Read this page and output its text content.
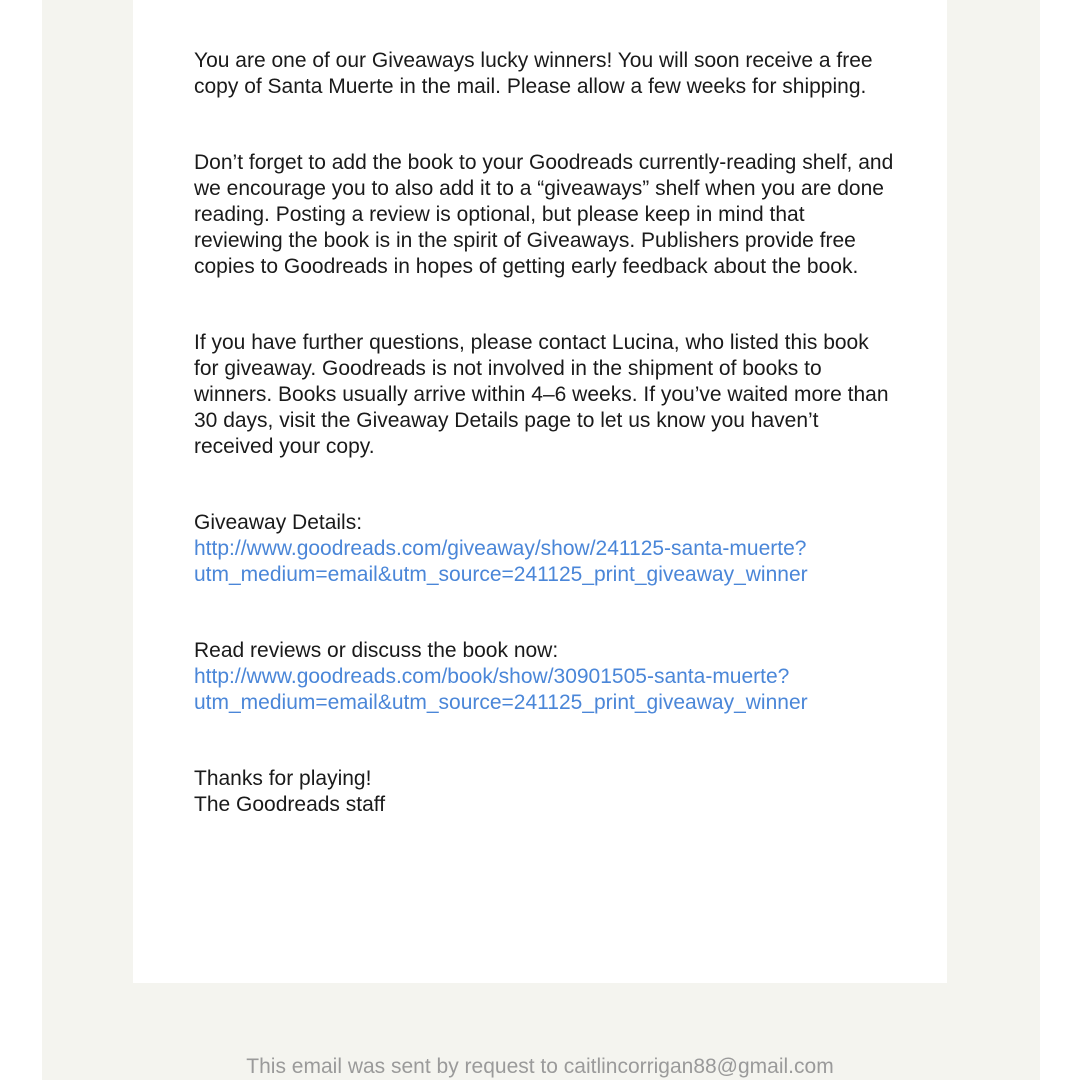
You are one of our Giveaways lucky winners! You will soon receive a free copy of Santa Muerte in the mail. Please allow a few weeks for shipping.

Don’t forget to add the book to your Goodreads currently-reading shelf, and we encourage you to also add it to a “giveaways” shelf when you are done reading. Posting a review is optional, but please keep in mind that reviewing the book is in the spirit of Giveaways. Publishers provide free copies to Goodreads in hopes of getting early feedback about the book.

If you have further questions, please contact Lucina, who listed this book for giveaway. Goodreads is not involved in the shipment of books to winners. Books usually arrive within 4–6 weeks. If you’ve waited more than 30 days, visit the Giveaway Details page to let us know you haven’t received your copy.

Giveaway Details:
http://www.goodreads.com/giveaway/show/241125-santa-muerte?
utm_medium=email&utm_source=241125_print_giveaway_winner

Read reviews or discuss the book now:
http://www.goodreads.com/book/show/30901505-santa-muerte?
utm_medium=email&utm_source=241125_print_giveaway_winner

Thanks for playing!
The Goodreads staff

This email was sent by request to caitlincorrigan88@gmail.com
